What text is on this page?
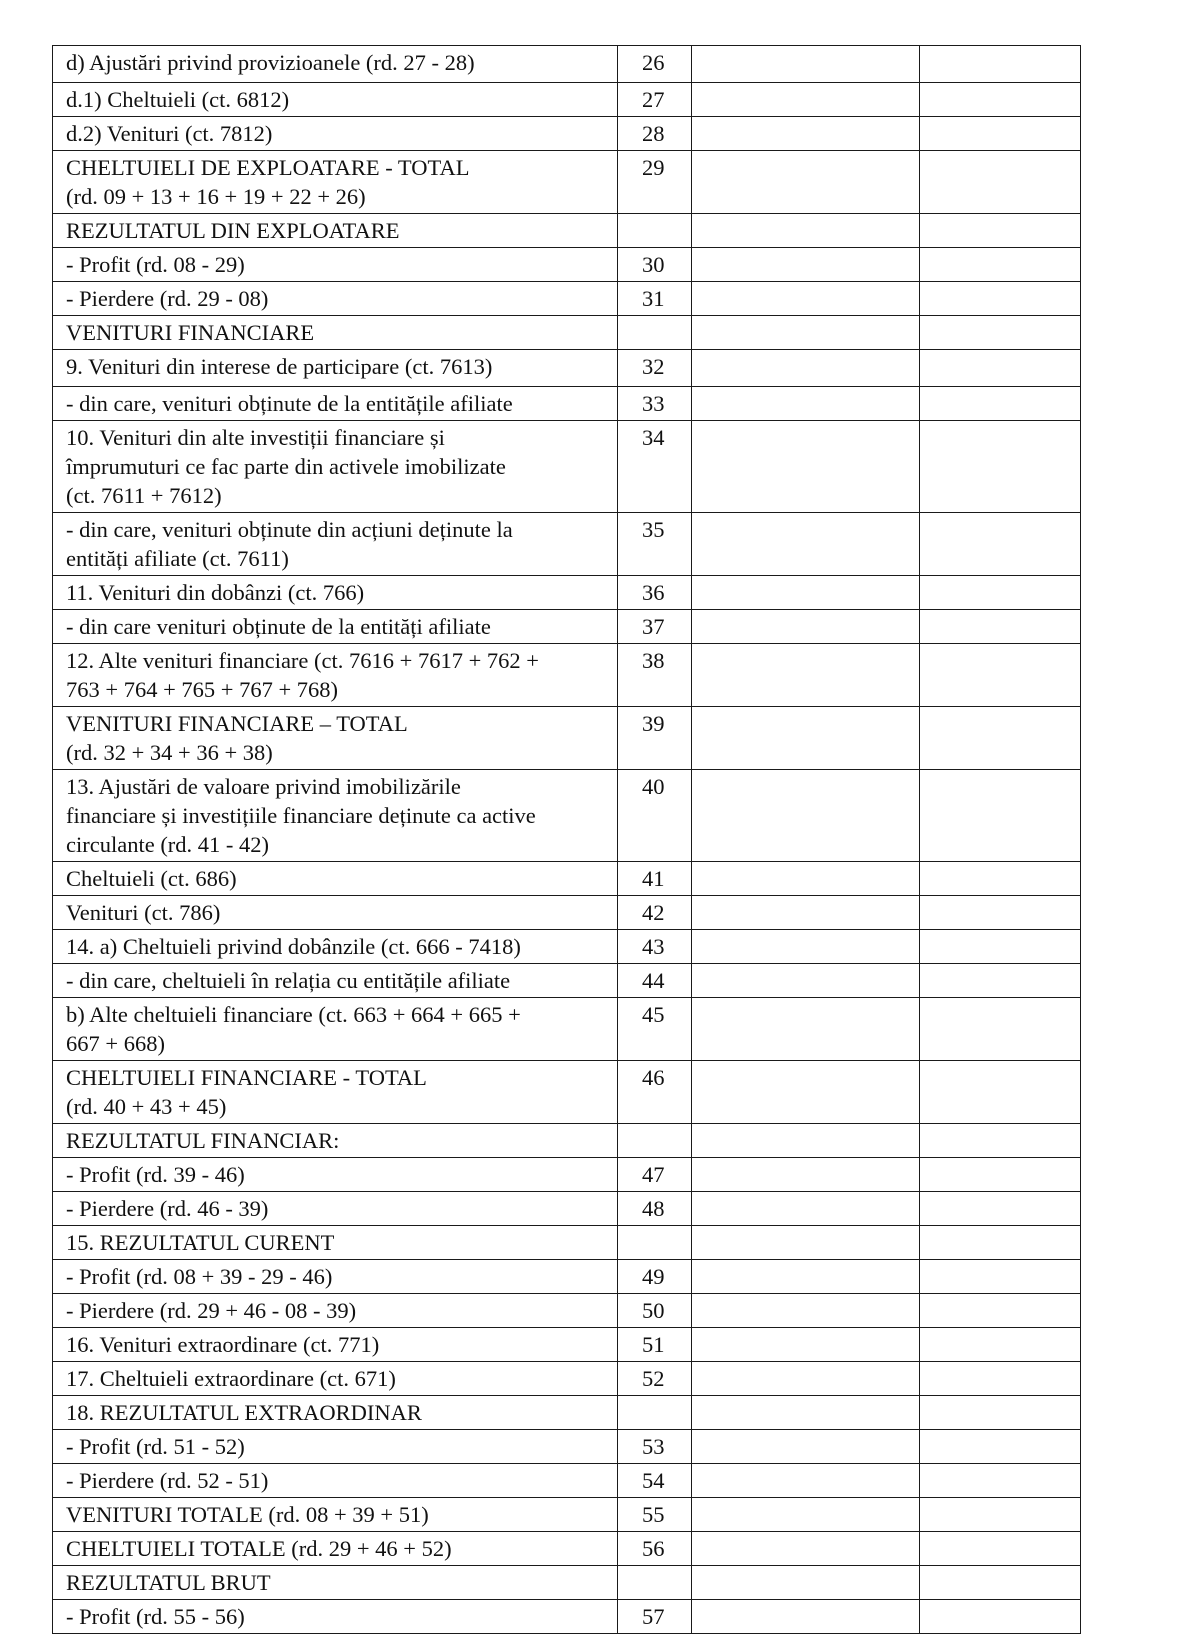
d) Ajustări privind provizioanele (rd. 27 - 28)	26		
d.1) Cheltuieli (ct. 6812)	27		
d.2) Venituri (ct. 7812)	28		
CHELTUIELI DE EXPLOATARE - TOTAL
(rd. 09 + 13 + 16 + 19 + 22 + 26)	29		
REZULTATUL DIN EXPLOATARE			
- Profit (rd. 08 - 29)	30		
- Pierdere (rd. 29 - 08)	31		
VENITURI FINANCIARE			
9. Venituri din interese de participare (ct. 7613)	32		
- din care, venituri obținute de la entitățile afiliate	33		
10. Venituri din alte investiții financiare și
împrumuturi ce fac parte din activele imobilizate
(ct. 7611 + 7612)	34		
- din care, venituri obținute din acțiuni deținute la
entități afiliate (ct. 7611)	35		
11. Venituri din dobânzi (ct. 766)	36		
- din care venituri obținute de la entități afiliate	37		
12. Alte venituri financiare (ct. 7616 + 7617 + 762 +
763 + 764 + 765 + 767 + 768)	38		
VENITURI FINANCIARE – TOTAL
(rd. 32 + 34 + 36 + 38)	39		
13. Ajustări de valoare privind imobilizările
financiare și investițiile financiare deținute ca active
circulante (rd. 41 - 42)	40		
Cheltuieli (ct. 686)	41		
Venituri (ct. 786)	42		
14. a) Cheltuieli privind dobânzile (ct. 666 - 7418)	43		
- din care, cheltuieli în relația cu entitățile afiliate	44		
b) Alte cheltuieli financiare (ct. 663 + 664 + 665 +
667 + 668)	45		
CHELTUIELI FINANCIARE - TOTAL
(rd. 40 + 43 + 45)	46		
REZULTATUL FINANCIAR:			
- Profit (rd. 39 - 46)	47		
- Pierdere (rd. 46 - 39)	48		
15. REZULTATUL CURENT			
- Profit (rd. 08 + 39 - 29 - 46)	49		
- Pierdere (rd. 29 + 46 - 08 - 39)	50		
16. Venituri extraordinare (ct. 771)	51		
17. Cheltuieli extraordinare (ct. 671)	52		
18. REZULTATUL EXTRAORDINAR			
- Profit (rd. 51 - 52)	53		
- Pierdere (rd. 52 - 51)	54		
VENITURI TOTALE (rd. 08 + 39 + 51)	55		
CHELTUIELI TOTALE (rd. 29 + 46 + 52)	56		
REZULTATUL BRUT			
- Profit (rd. 55 - 56)	57		
